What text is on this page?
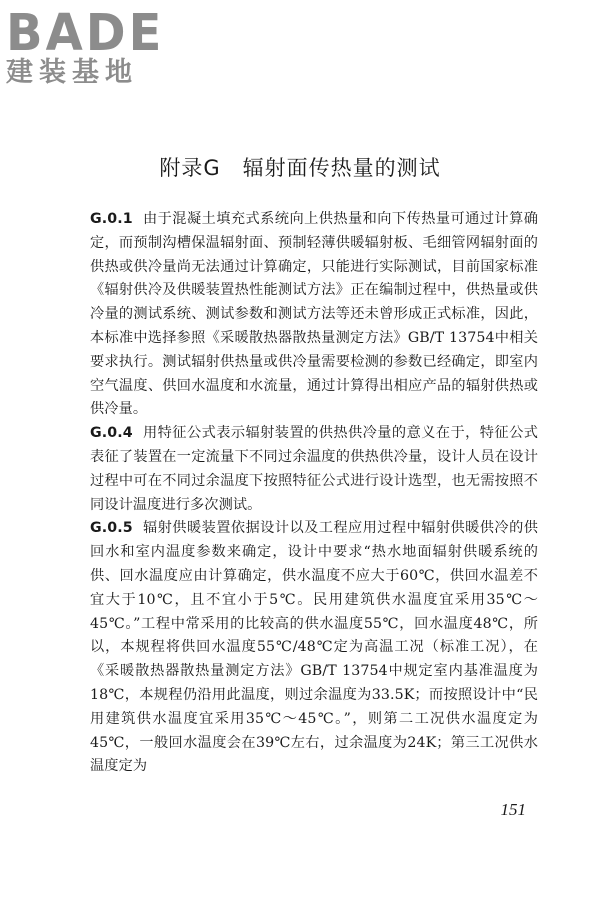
BADE
建装基地
附录G　辐射面传热量的测试

G.0.1 由于混凝土填充式系统向上供热量和向下传热量可通过计算确定，而预制沟槽保温辐射面、预制轻薄供暖辐射板、毛细管网辐射面的供热或供冷量尚无法通过计算确定，只能进行实际测试，目前国家标准《辐射供冷及供暖装置热性能测试方法》正在编制过程中，供热量或供冷量的测试系统、测试参数和测试方法等还未曾形成正式标准，因此，本标准中选择参照《采暖散热器散热量测定方法》GB/T 13754中相关要求执行。测试辐射供热量或供冷量需要检测的参数已经确定，即室内空气温度、供回水温度和水流量，通过计算得出相应产品的辐射供热或供冷量。

G.0.4 用特征公式表示辐射装置的供热供冷量的意义在于，特征公式表征了装置在一定流量下不同过余温度的供热供冷量，设计人员在设计过程中可在不同过余温度下按照特征公式进行设计选型，也无需按照不同设计温度进行多次测试。

G.0.5 辐射供暖装置依据设计以及工程应用过程中辐射供暖供冷的供回水和室内温度参数来确定，设计中要求“热水地面辐射供暖系统的供、回水温度应由计算确定，供水温度不应大于60℃，供回水温差不宜大于10℃，且不宜小于5℃。民用建筑供水温度宜采用35℃～45℃。”工程中常采用的比较高的供水温度55℃，回水温度48℃，所以，本规程将供回水温度55℃/48℃定为高温工况（标准工况），在《采暖散热器散热量测定方法》GB/T 13754中规定室内基准温度为18℃，本规程仍沿用此温度，则过余温度为33.5K；而按照设计中“民用建筑供水温度宜采用35℃～45℃。”，则第二工况供水温度定为45℃，一般回水温度会在39℃左右，过余温度为24K；第三工况供水温度定为

151
